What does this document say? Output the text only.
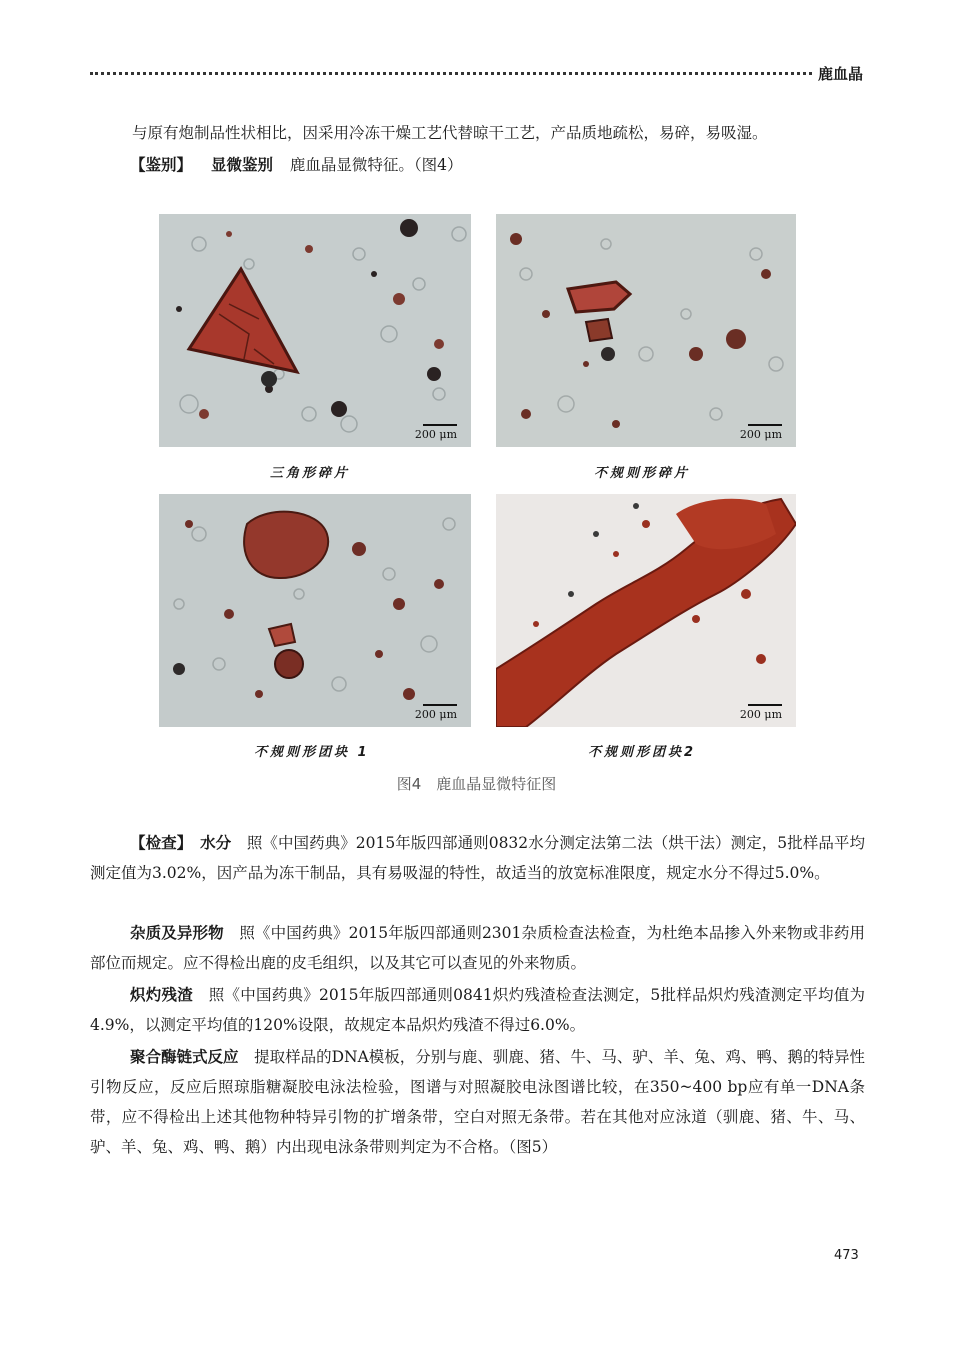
鹿血晶
与原有炮制品性状相比，因采用冷冻干燥工艺代替晾干工艺，产品质地疏松，易碎，易吸湿。
【鉴别】 显微鉴别 鹿血晶显微特征。（图4）
200 μm	200 μm
三角形碎片	不规则形碎片
200 μm	200 μm
不规则形团块 1	不规则形团块2
图4　鹿血晶显微特征图
【检查】　 水分　 照《中国药典》2015年版四部通则0832水分测定法第二法（烘干法）测定，5批样品平均测定值为3.02%，因产品为冻干制品，具有易吸湿的特性，故适当的放宽标准限度，规定水分不得过5.0%。
杂质及异形物　 照《中国药典》2015年版四部通则2301杂质检查法检查，为杜绝本品掺入外来物或非药用部位而规定。应不得检出鹿的皮毛组织，以及其它可以查见的外来物质。
炽灼残渣　 照《中国药典》2015年版四部通则0841炽灼残渣检查法测定，5批样品炽灼残渣测定平均值为4.9%，以测定平均值的120%设限，故规定本品炽灼残渣不得过6.0%。
聚合酶链式反应　 提取样品的DNA模板，分别与鹿、驯鹿、猪、牛、马、驴、羊、兔、鸡、鸭、鹅的特异性引物反应，反应后照琼脂糖凝胶电泳法检验，图谱与对照凝胶电泳图谱比较，在350~400 bp应有单一DNA条带，应不得检出上述其他物种特异引物的扩增条带，空白对照无条带。若在其他对应泳道（驯鹿、猪、牛、马、驴、羊、兔、鸡、鸭、鹅）内出现电泳条带则判定为不合格。（图5）
473
